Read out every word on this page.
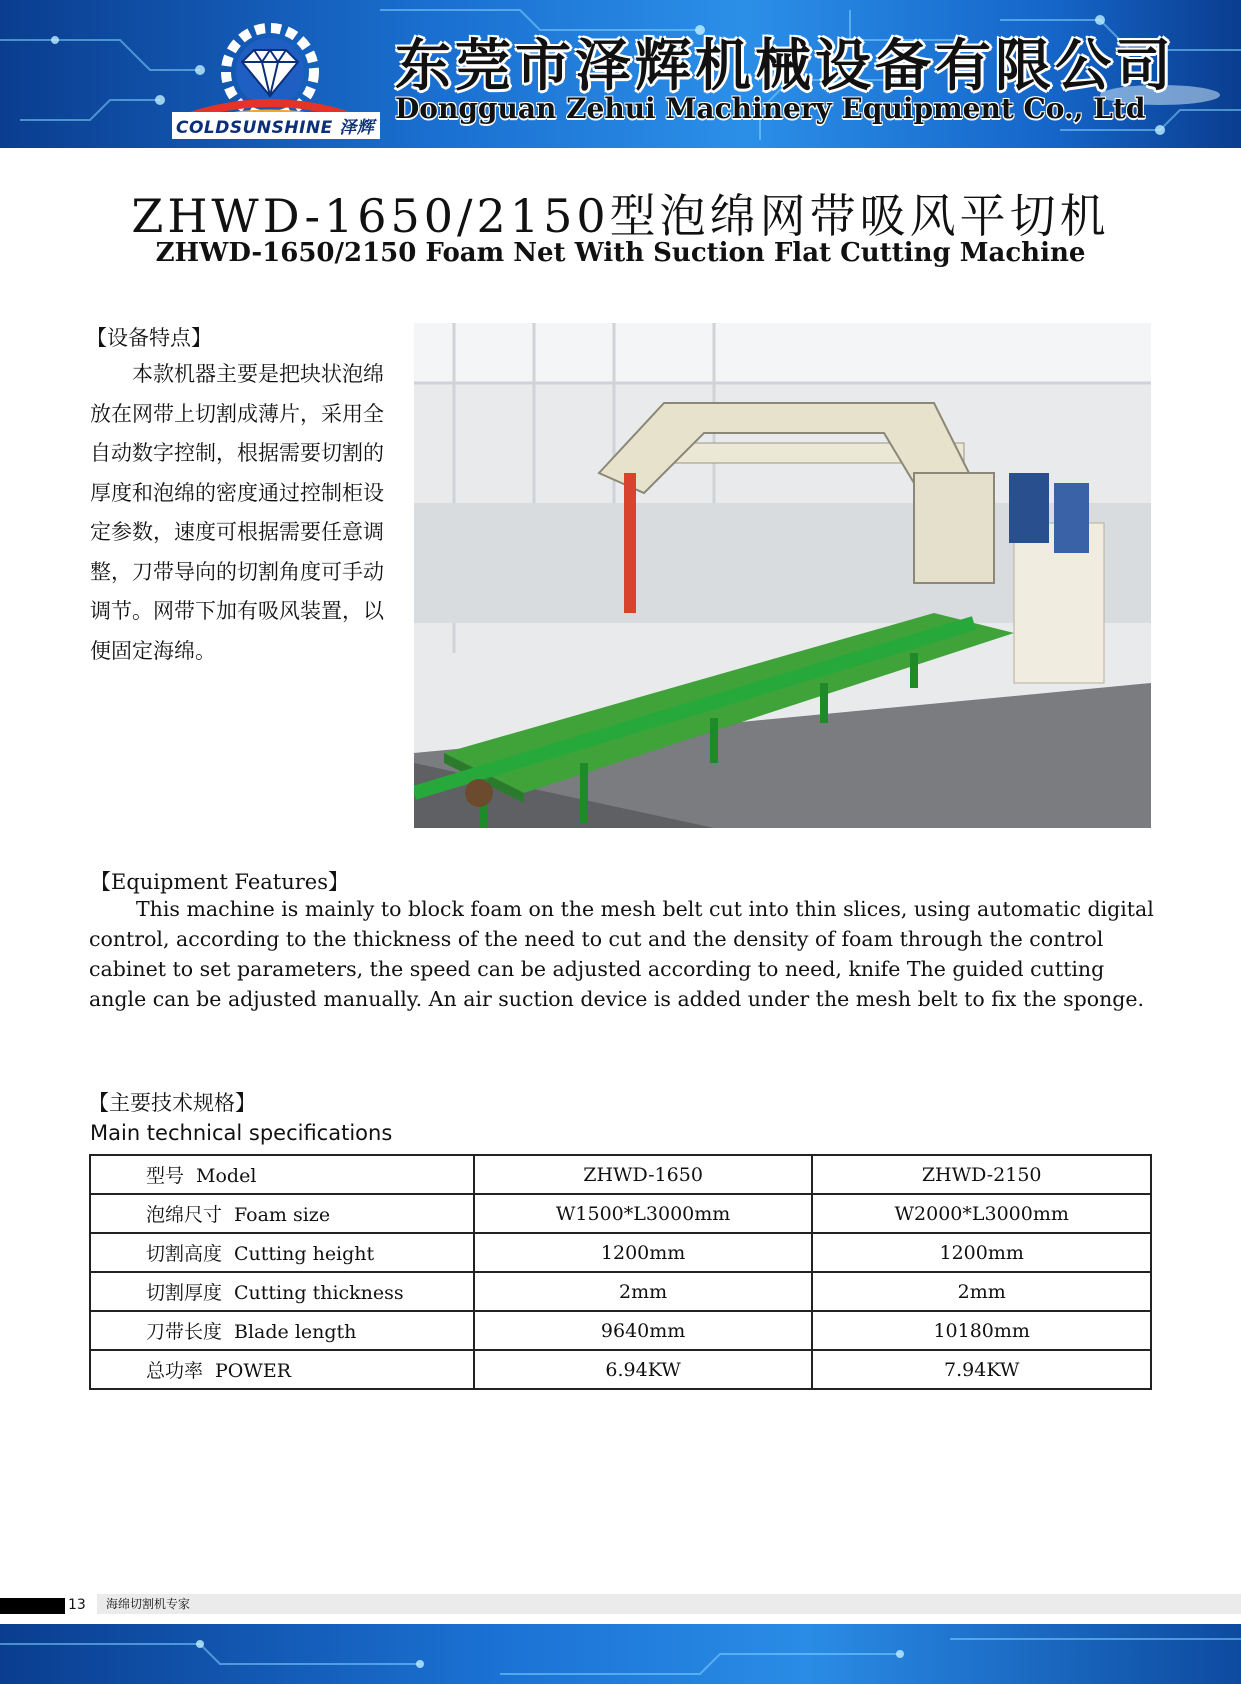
COLDSUNSHINE 泽辉
东莞市泽辉机械设备有限公司
Dongguan Zehui Machinery Equipment Co., Ltd
ZHWD-1650/2150型泡绵网带吸风平切机
ZHWD-1650/2150 Foam Net With Suction Flat Cutting Machine
【设备特点】
本款机器主要是把块状泡绵放在网带上切割成薄片，采用全自动数字控制，根据需要切割的厚度和泡绵的密度通过控制柜设定参数，速度可根据需要任意调整，刀带导向的切割角度可手动调节。网带下加有吸风装置，以便固定海绵。
【Equipment Features】
This machine is mainly to block foam on the mesh belt cut into thin slices, using automatic digital control, according to the thickness of the need to cut and the density of foam through the control cabinet to set parameters, the speed can be adjusted according to need, knife The guided cutting angle can be adjusted manually. An air suction device is added under the mesh belt to fix the sponge.
【主要技术规格】
Main technical specifications
型号 Model	ZHWD-1650	ZHWD-2150
泡绵尺寸 Foam size	W1500*L3000mm	W2000*L3000mm
切割高度 Cutting height	1200mm	1200mm
切割厚度 Cutting thickness	2mm	2mm
刀带长度 Blade length	9640mm	10180mm
总功率 POWER	6.94KW	7.94KW
13	海绵切割机专家
